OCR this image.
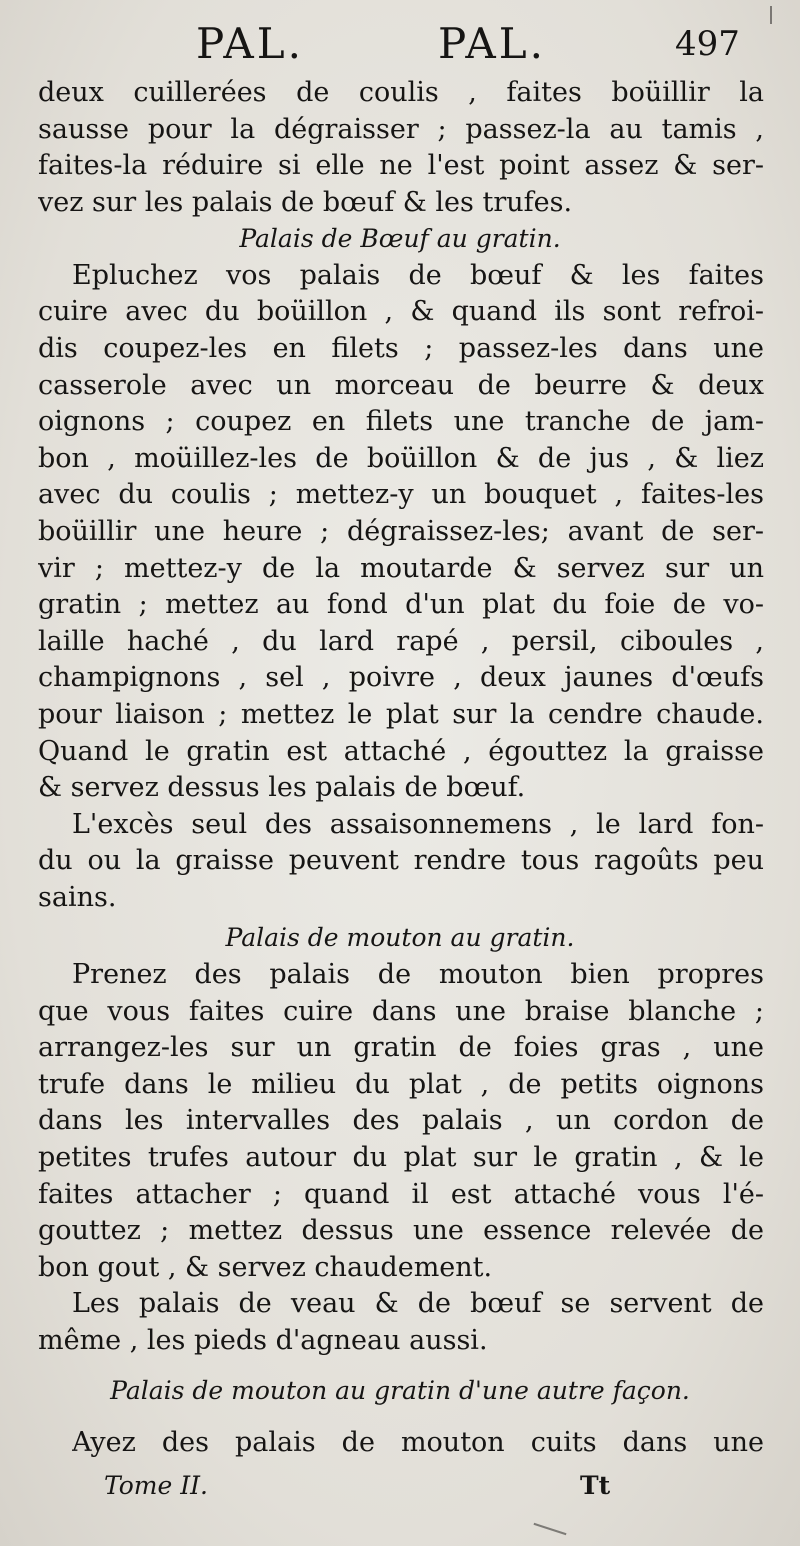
PAL.	PAL.	497
deux cuillerées de coulis , faites boüillir la
sausse pour la dégraisser ; passez-la au tamis ,
faites-la réduire si elle ne l'est point assez & ser-
vez sur les palais de bœuf & les trufes.
Palais de Bœuf au gratin.
Epluchez vos palais de bœuf & les faites
cuire avec du boüillon , & quand ils sont refroi-
dis coupez-les en filets ; passez-les dans une
casserole avec un morceau de beurre & deux
oignons ; coupez en filets une tranche de jam-
bon , moüillez-les de boüillon & de jus , & liez
avec du coulis ; mettez-y un bouquet , faites-les
boüillir une heure ; dégraissez-les; avant de ser-
vir ; mettez-y de la moutarde & servez sur un
gratin ; mettez au fond d'un plat du foie de vo-
laille haché , du lard rapé , persil, ciboules ,
champignons , sel , poivre , deux jaunes d'œufs
pour liaison ; mettez le plat sur la cendre chaude.
Quand le gratin est attaché , égouttez la graisse
& servez dessus les palais de bœuf.
L'excès seul des assaisonnemens , le lard fon-
du ou la graisse peuvent rendre tous ragoûts peu
sains.
Palais de mouton au gratin.
Prenez des palais de mouton bien propres
que vous faites cuire dans une braise blanche ;
arrangez-les sur un gratin de foies gras , une
trufe dans le milieu du plat , de petits oignons
dans les intervalles des palais , un cordon de
petites trufes autour du plat sur le gratin , & le
faites attacher ; quand il est attaché vous l'é-
gouttez ; mettez dessus une essence relevée de
bon gout , & servez chaudement.
Les palais de veau & de bœuf se servent de
même , les pieds d'agneau aussi.
Palais de mouton au gratin d'une autre façon.
Ayez des palais de mouton cuits dans une
Tome II.	Tt
